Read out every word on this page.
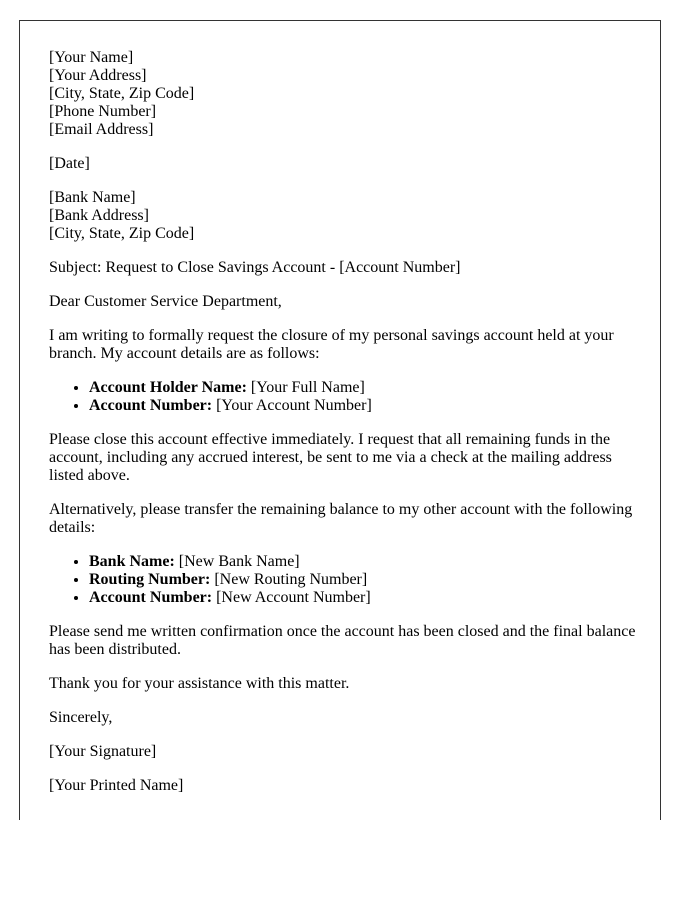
[Your Name]
[Your Address]
[City, State, Zip Code]
[Phone Number]
[Email Address]
[Date]
[Bank Name]
[Bank Address]
[City, State, Zip Code]
Subject: Request to Close Savings Account - [Account Number]
Dear Customer Service Department,
I am writing to formally request the closure of my personal savings account held at your branch. My account details are as follows:
• Account Holder Name: [Your Full Name]
• Account Number: [Your Account Number]
Please close this account effective immediately. I request that all remaining funds in the account, including any accrued interest, be sent to me via a check at the mailing address listed above.
Alternatively, please transfer the remaining balance to my other account with the following details:
• Bank Name: [New Bank Name]
• Routing Number: [New Routing Number]
• Account Number: [New Account Number]
Please send me written confirmation once the account has been closed and the final balance has been distributed.
Thank you for your assistance with this matter.
Sincerely,
[Your Signature]
[Your Printed Name]
